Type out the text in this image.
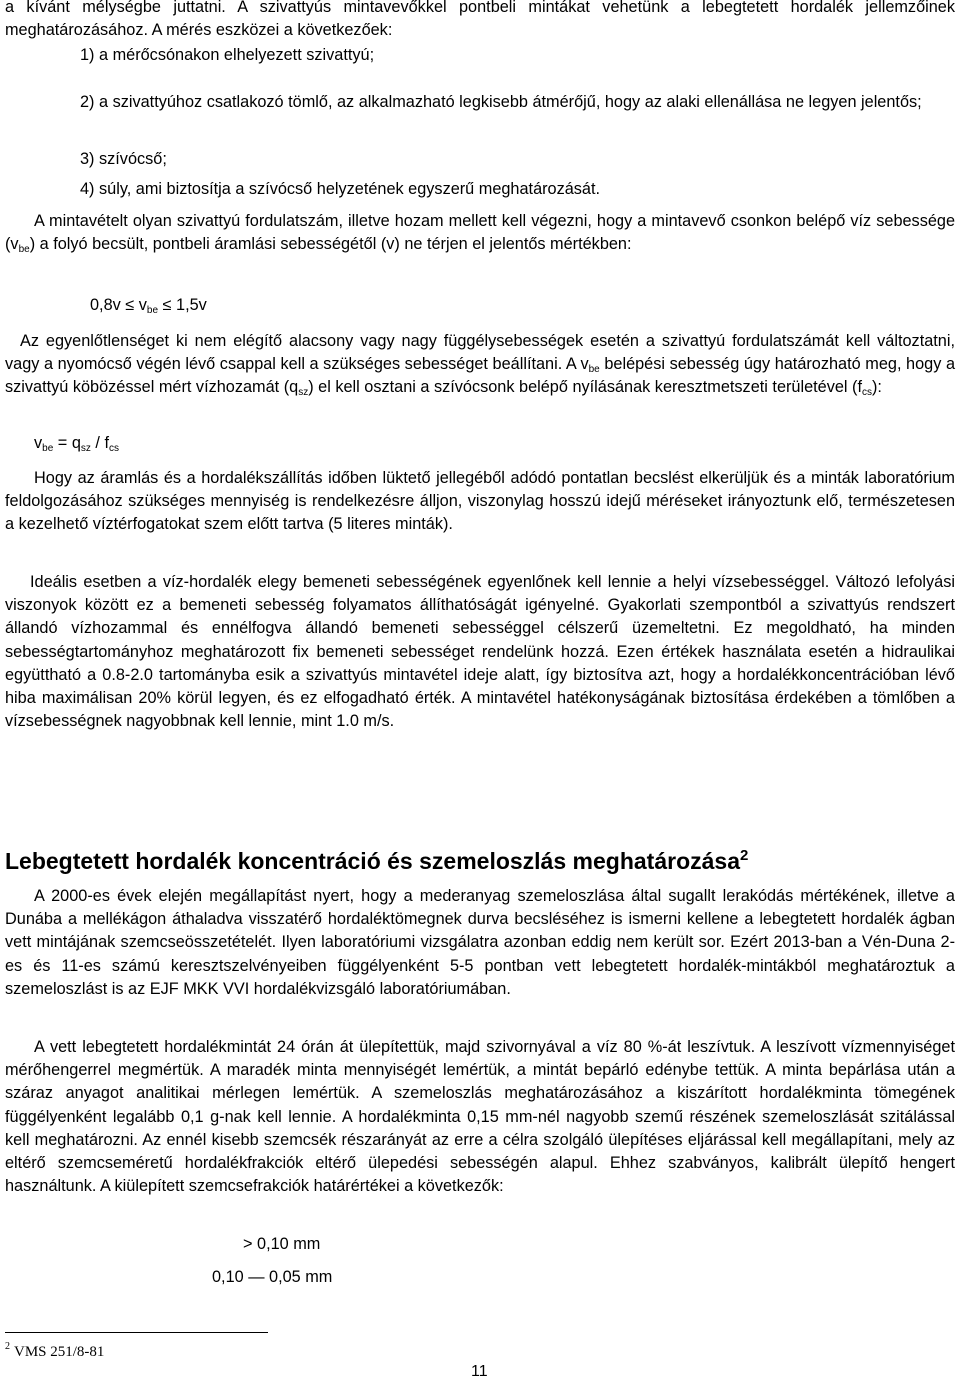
a kívánt mélységbe juttatni. A szivattyús mintavevőkkel pontbeli mintákat vehetünk a lebegtetett hordalék jellemzőinek meghatározásához. A mérés eszközei a következőek:

1) a mérőcsónakon elhelyezett szivattyú;

2) a szivattyúhoz csatlakozó tömlő, az alkalmazható legkisebb átmérőjű, hogy az alaki ellenállása ne legyen jelentős;

3) szívócső;

4) súly, ami biztosítja a szívócső helyzetének egyszerű meghatározását.

A mintavételt olyan szivattyú fordulatszám, illetve hozam mellett kell végezni, hogy a mintavevő csonkon belépő víz sebessége $(v_{be})$ a folyó becsült, pontbeli áramlási sebességétől (v) ne térjen el jelentős mértékben:

$0,8v \le v_{be} \le 1,5v$

Az egyenlőtlenséget ki nem elégítő alacsony vagy nagy függélysebességek esetén a szivattyú fordulatszámát kell változtatni, vagy a nyomócső végén lévő csappal kell a szükséges sebességet beállítani. A $v_{be}$ belépési sebesség úgy határozható meg, hogy a szivattyú köbözéssel mért vízhozamát $(q_{sz})$ el kell osztani a szívócsonk belépő nyílásának keresztmetszeti területével $(f_{cs})$:

$v_{be} = q_{sz} / f_{cs}$

Hogy az áramlás és a hordalékszállítás időben lüktető jellegéből adódó pontatlan becslést elkerüljük és a minták laboratórium feldolgozásához szükséges mennyiség is rendelkezésre álljon, viszonylag hosszú idejű méréseket irányoztunk elő, természetesen a kezelhető víztérfogatokat szem előtt tartva (5 literes minták).

Ideális esetben a víz-hordalék elegy bemeneti sebességének egyenlőnek kell lennie a helyi vízsebességgel. Változó lefolyási viszonyok között ez a bemeneti sebesség folyamatos állíthatóságát igényelné. Gyakorlati szempontból a szivattyús rendszert állandó vízhozammal és ennélfogva állandó bemeneti sebességgel célszerű üzemeltetni. Ez megoldható, ha minden sebességtartományhoz meghatározott fix bemeneti sebességet rendelünk hozzá. Ezen értékek használata esetén a hidraulikai együttható a 0.8-2.0 tartományba esik a szivattyús mintavétel ideje alatt, így biztosítva azt, hogy a hordalékkoncentrációban lévő hiba maximálisan 20% körül legyen, és ez elfogadható érték. A mintavétel hatékonyságának biztosítása érdekében a tömlőben a vízsebességnek nagyobbnak kell lennie, mint 1.0 m/s.

Lebegtetett hordalék koncentráció és szemeloszlás meghatározása$^2$

A 2000-es évek elején megállapítást nyert, hogy a mederanyag szemeloszlása által sugallt lerakódás mértékének, illetve a Dunába a mellékágon áthaladva visszatérő hordaléktömegnek durva becsléséhez is ismerni kellene a lebegtetett hordalék ágban vett mintájának szemcseösszetételét. Ilyen laboratóriumi vizsgálatra azonban eddig nem került sor. Ezért 2013-ban a Vén-Duna 2-es és 11-es számú keresztszelvényeiben függélyenként 5-5 pontban vett lebegtetett hordalék-mintákból meghatároztuk a szemeloszlást is az EJF MKK VVI hordalékvizsgáló laboratóriumában.

A vett lebegtetett hordalékmintát 24 órán át ülepítettük, majd szivornyával a víz 80 %-át leszívtuk. A leszívott vízmennyiséget mérőhengerrel megmértük. A maradék minta mennyiségét lemértük, a mintát bepárló edénybe tettük. A minta bepárlása után a száraz anyagot analitikai mérlegen lemértük. A szemeloszlás meghatározásához a kiszárított hordalékminta tömegének függélyenként legalább 0,1 g-nak kell lennie. A hordalékminta 0,15 mm-nél nagyobb szemű részének szemeloszlását szitálással kell meghatározni. Az ennél kisebb szemcsék részarányát az erre a célra szolgáló ülepítéses eljárással kell megállapítani, mely az eltérő szemcseméretű hordalékfrakciók eltérő ülepedési sebességén alapul. Ehhez szabványos, kalibrált ülepítő hengert használtunk. A kiülepített szemcsefrakciók határértékei a következők:

> 0,10 mm

0,10 — 0,05 mm

$^2$ VMS 251/8-81
11
